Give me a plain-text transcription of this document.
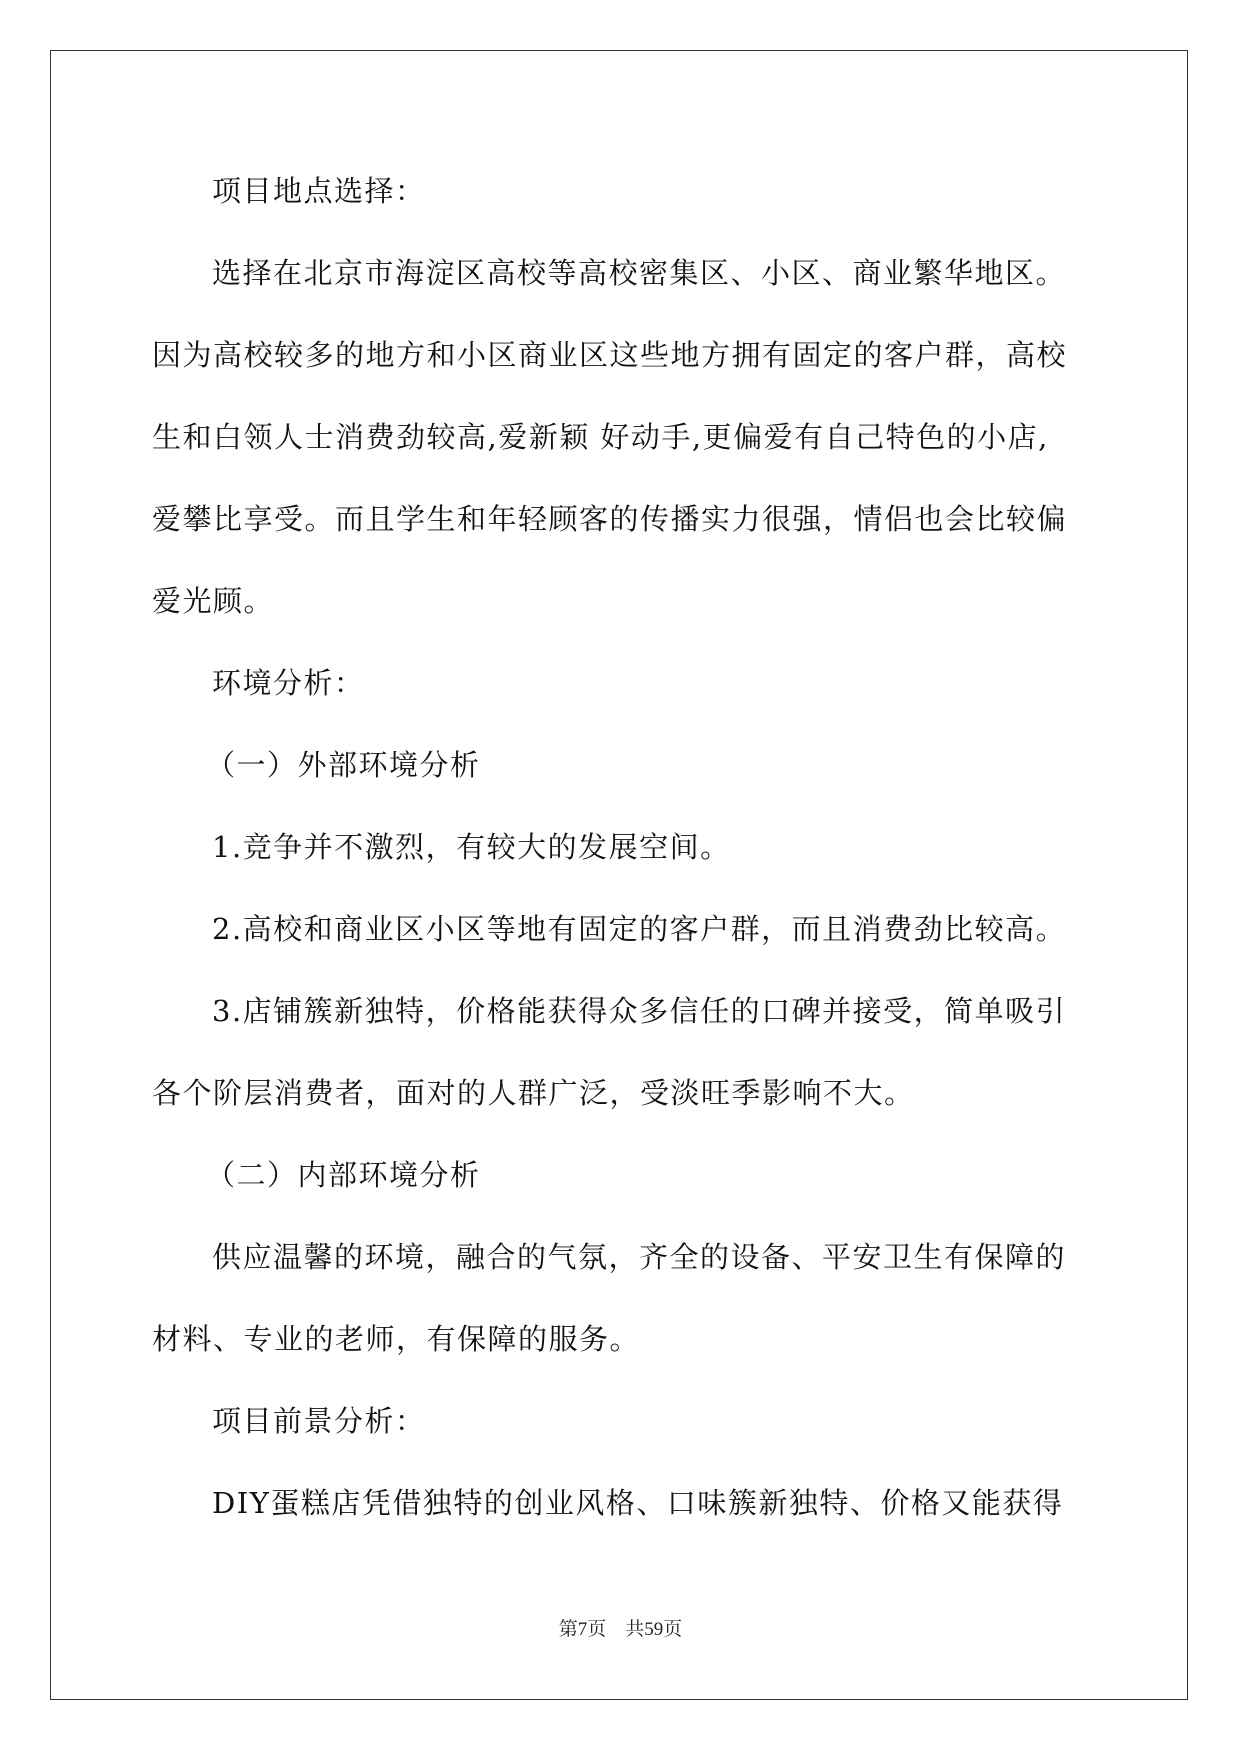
项目地点选择：

选择在北京市海淀区高校等高校密集区、小区、商业繁华地区。

因为高校较多的地方和小区商业区这些地方拥有固定的客户群，高校

生和白领人士消费劲较高,爱新颖 好动手,更偏爱有自己特色的小店,

爱攀比享受。而且学生和年轻顾客的传播实力很强，情侣也会比较偏

爱光顾。

环境分析：

（一）外部环境分析

1.竞争并不激烈，有较大的发展空间。

2.高校和商业区小区等地有固定的客户群，而且消费劲比较高。

3.店铺簇新独特，价格能获得众多信任的口碑并接受，简单吸引

各个阶层消费者，面对的人群广泛，受淡旺季影响不大。

（二）内部环境分析

供应温馨的环境，融合的气氛，齐全的设备、平安卫生有保障的

材料、专业的老师，有保障的服务。

项目前景分析：

DIY蛋糕店凭借独特的创业风格、口味簇新独特、价格又能获得

第7页　共59页
